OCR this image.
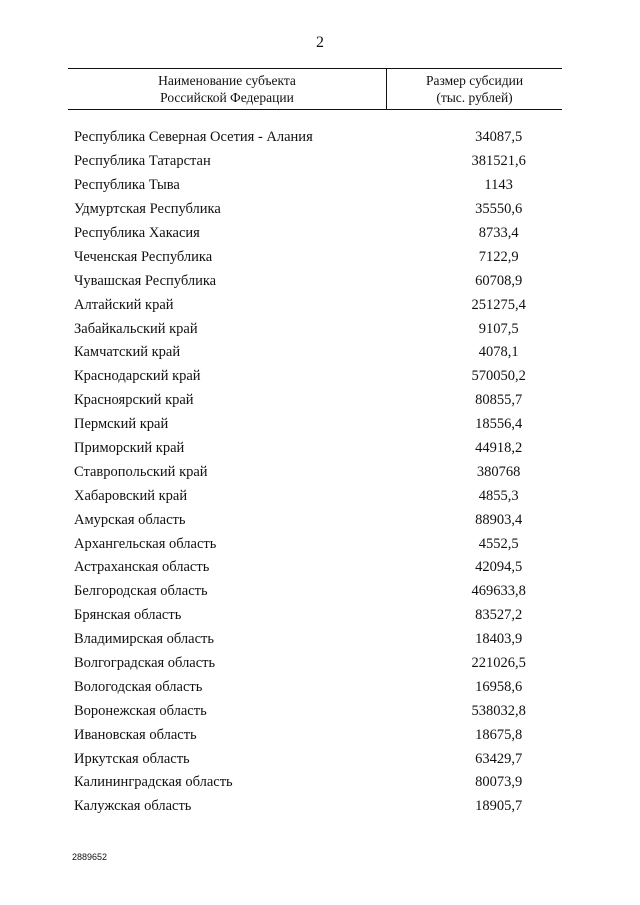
2
Наименование субъекта
Российской Федерации
Размер субсидии
(тыс. рублей)
Республика Северная Осетия - Алания	34087,5
Республика Татарстан	381521,6
Республика Тыва	1143
Удмуртская Республика	35550,6
Республика Хакасия	8733,4
Чеченская Республика	7122,9
Чувашская Республика	60708,9
Алтайский край	251275,4
Забайкальский край	9107,5
Камчатский край	4078,1
Краснодарский край	570050,2
Красноярский край	80855,7
Пермский край	18556,4
Приморский край	44918,2
Ставропольский край	380768
Хабаровский край	4855,3
Амурская область	88903,4
Архангельская область	4552,5
Астраханская область	42094,5
Белгородская область	469633,8
Брянская область	83527,2
Владимирская область	18403,9
Волгоградская область	221026,5
Вологодская область	16958,6
Воронежская область	538032,8
Ивановская область	18675,8
Иркутская область	63429,7
Калининградская область	80073,9
Калужская область	18905,7
2889652
